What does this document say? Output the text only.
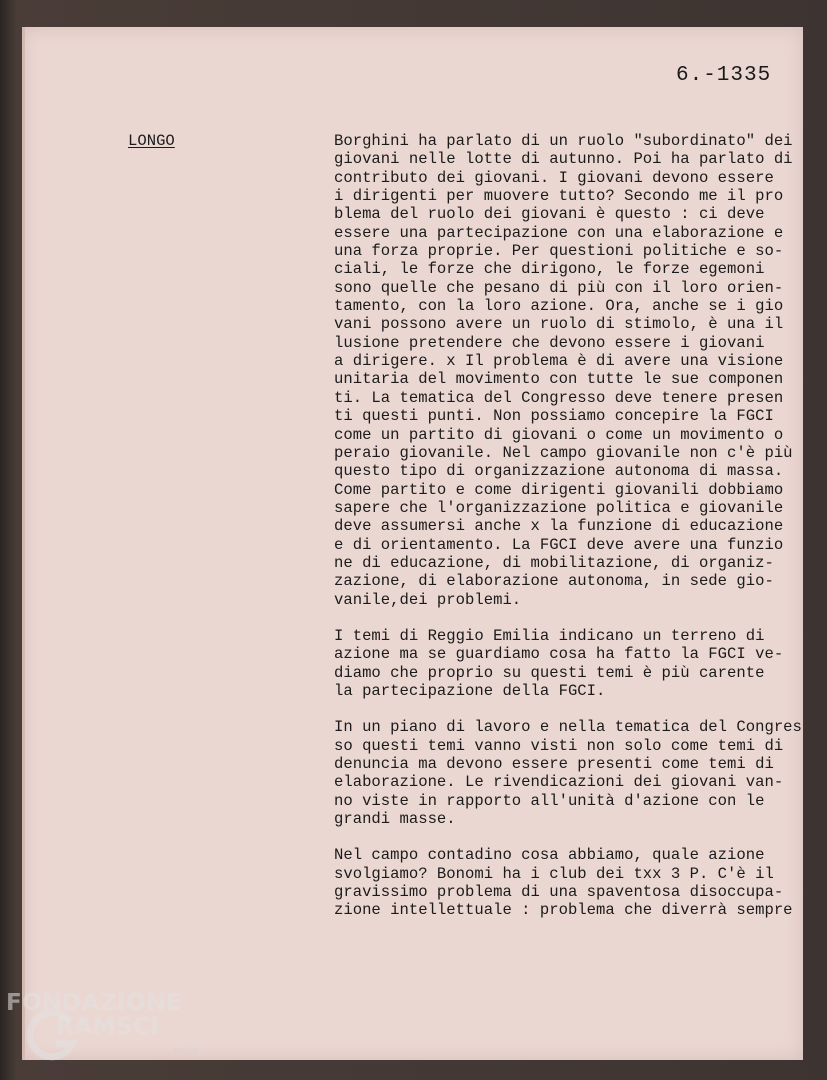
6.-1335

LONGO	Borghini ha parlato di un ruolo "subordinato" dei
giovani nelle lotte di autunno. Poi ha parlato di
contributo dei giovani. I giovani devono essere
i dirigenti per muovere tutto? Secondo me il pro
blema del ruolo dei giovani è questo : ci deve
essere una partecipazione con una elaborazione e
una forza proprie. Per questioni politiche e so-
ciali, le forze che dirigono, le forze egemoni
sono quelle che pesano di più con il loro orien-
tamento, con la loro azione. Ora, anche se i gio
vani possono avere un ruolo di stimolo, è una il
lusione pretendere che devono essere i giovani
a dirigere. x Il problema è di avere una visione
unitaria del movimento con tutte le sue componen
ti. La tematica del Congresso deve tenere presen
ti questi punti. Non possiamo concepire la FGCI
come un partito di giovani o come un movimento o
peraio giovanile. Nel campo giovanile non c'è più
questo tipo di organizzazione autonoma di massa.
Come partito e come dirigenti giovanili dobbiamo
sapere che l'organizzazione politica e giovanile
deve assumersi anche x la funzione di educazione
e di orientamento. La FGCI deve avere una funzio
ne di educazione, di mobilitazione, di organiz-
zazione, di elaborazione autonoma, in sede gio-
vanile,dei problemi.

I temi di Reggio Emilia indicano un terreno di
azione ma se guardiamo cosa ha fatto la FGCI ve-
diamo che proprio su questi temi è più carente
la partecipazione della FGCI.

In un piano di lavoro e nella tematica del Congres
so questi temi vanno visti non solo come temi di
denuncia ma devono essere presenti come temi di
elaborazione. Le rivendicazioni dei giovani van-
no viste in rapporto all'unità d'azione con le
grandi masse.

Nel campo contadino cosa abbiamo, quale azione
svolgiamo? Bonomi ha i club dei txx 3 P. C'è il
gravissimo problema di una spaventosa disoccupa-
zione intellettuale : problema che diverrà sempre

FONDAZIONE
RAMSCI
onlus
